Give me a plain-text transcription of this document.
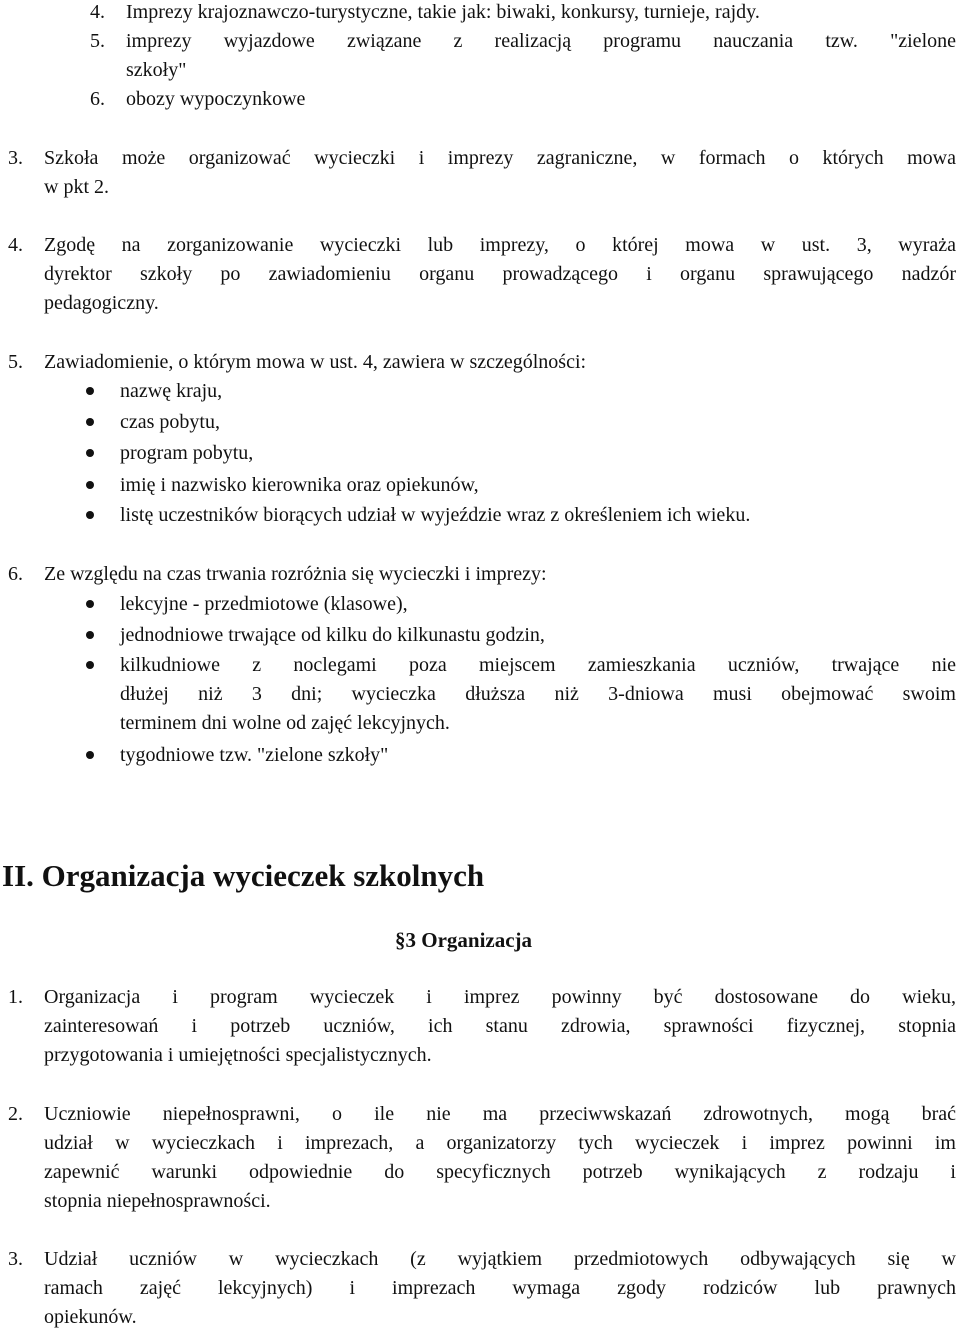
4. Imprezy krajoznawczo-turystyczne, takie jak: biwaki, konkursy, turnieje, rajdy.
5. imprezy wyjazdowe związane z realizacją programu nauczania tzw. "zielone
szkoły"
6. obozy wypoczynkowe
3. Szkoła może organizować wycieczki i imprezy zagraniczne, w formach o których mowa
w pkt 2.
4. Zgodę na zorganizowanie wycieczki lub imprezy, o której mowa w ust. 3, wyraża
dyrektor szkoły po zawiadomieniu organu prowadzącego i organu sprawującego nadzór
pedagogiczny.
5. Zawiadomienie, o którym mowa w ust. 4, zawiera w szczególności:
nazwę kraju,
czas pobytu,
program pobytu,
imię i nazwisko kierownika oraz opiekunów,
listę uczestników biorących udział w wyjeździe wraz z określeniem ich wieku.
6. Ze względu na czas trwania rozróżnia się wycieczki i imprezy:
lekcyjne - przedmiotowe (klasowe),
jednodniowe trwające od kilku do kilkunastu godzin,
kilkudniowe z noclegami poza miejscem zamieszkania uczniów, trwające nie
dłużej niż 3 dni; wycieczka dłuższa niż 3-dniowa musi obejmować swoim
terminem dni wolne od zajęć lekcyjnych.
tygodniowe tzw. "zielone szkoły"
II. Organizacja wycieczek szkolnych
§3 Organizacja
1. Organizacja i program wycieczek i imprez powinny być dostosowane do wieku,
zainteresowań i potrzeb uczniów, ich stanu zdrowia, sprawności fizycznej, stopnia
przygotowania i umiejętności specjalistycznych.
2. Uczniowie niepełnosprawni, o ile nie ma przeciwwskazań zdrowotnych, mogą brać
udział w wycieczkach i imprezach, a organizatorzy tych wycieczek i imprez powinni im
zapewnić warunki odpowiednie do specyficznych potrzeb wynikających z rodzaju i
stopnia niepełnosprawności.
3. Udział uczniów w wycieczkach (z wyjątkiem przedmiotowych odbywających się w
ramach zajęć lekcyjnych) i imprezach wymaga zgody rodziców lub prawnych
opiekunów.
